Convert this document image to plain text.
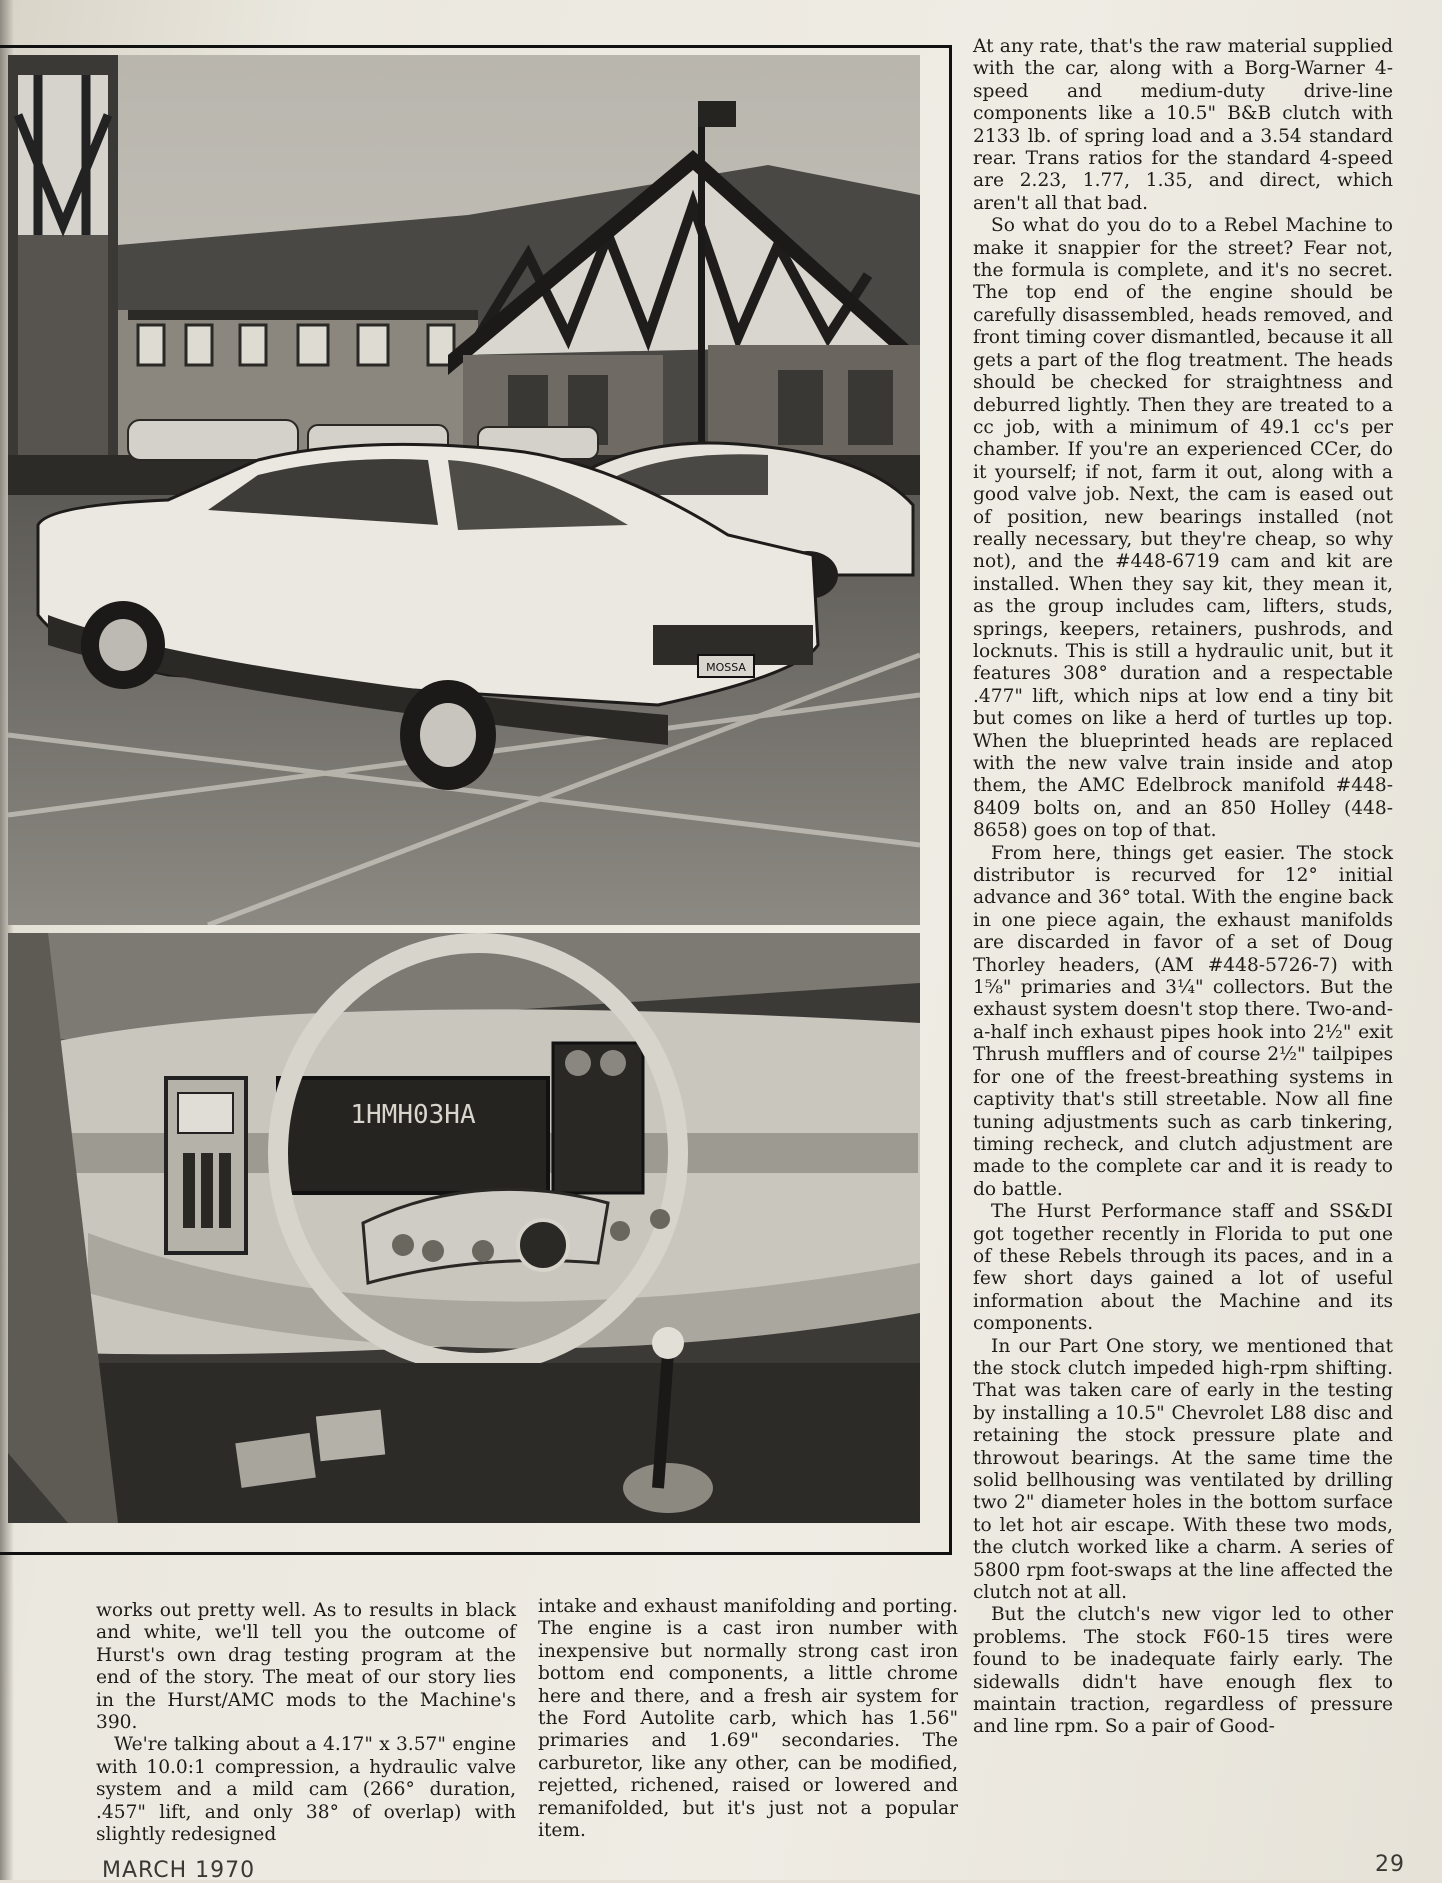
MOSSA
1HMH03HA

At any rate, that's the raw material supplied with the car, along with a Borg-Warner 4-speed and medium-duty drive-line components like a 10.5" B&B clutch with 2133 lb. of spring load and a 3.54 standard rear. Trans ratios for the standard 4-speed are 2.23, 1.77, 1.35, and direct, which aren't all that bad.

So what do you do to a Rebel Machine to make it snappier for the street? Fear not, the formula is complete, and it's no secret. The top end of the engine should be carefully disassembled, heads removed, and front timing cover dismantled, because it all gets a part of the flog treatment. The heads should be checked for straightness and deburred lightly. Then they are treated to a cc job, with a minimum of 49.1 cc's per chamber. If you're an experienced CCer, do it yourself; if not, farm it out, along with a good valve job. Next, the cam is eased out of position, new bearings installed (not really necessary, but they're cheap, so why not), and the #448-6719 cam and kit are installed. When they say kit, they mean it, as the group includes cam, lifters, studs, springs, keepers, retainers, pushrods, and locknuts. This is still a hydraulic unit, but it features 308° duration and a respectable .477" lift, which nips at low end a tiny bit but comes on like a herd of turtles up top. When the blueprinted heads are replaced with the new valve train inside and atop them, the AMC Edelbrock manifold #448-8409 bolts on, and an 850 Holley (448-8658) goes on top of that.

From here, things get easier. The stock distributor is recurved for 12° initial advance and 36° total. With the engine back in one piece again, the exhaust manifolds are discarded in favor of a set of Doug Thorley headers, (AM #448-5726-7) with 1⅝" primaries and 3¼" collectors. But the exhaust system doesn't stop there. Two-and-a-half inch exhaust pipes hook into 2½" exit Thrush mufflers and of course 2½" tailpipes for one of the freest-breathing systems in captivity that's still streetable. Now all fine tuning adjustments such as carb tinkering, timing recheck, and clutch adjustment are made to the complete car and it is ready to do battle.

The Hurst Performance staff and SS&DI got together recently in Florida to put one of these Rebels through its paces, and in a few short days gained a lot of useful information about the Machine and its components.

In our Part One story, we mentioned that the stock clutch impeded high-rpm shifting. That was taken care of early in the testing by installing a 10.5" Chevrolet L88 disc and retaining the stock pressure plate and throwout bearings. At the same time the solid bellhousing was ventilated by drilling two 2" diameter holes in the bottom surface to let hot air escape. With these two mods, the clutch worked like a charm. A series of 5800 rpm foot-swaps at the line affected the clutch not at all.

But the clutch's new vigor led to other problems. The stock F60-15 tires were found to be inadequate fairly early. The sidewalls didn't have enough flex to maintain traction, regardless of pressure and line rpm. So a pair of Good-

works out pretty well. As to results in black and white, we'll tell you the outcome of Hurst's own drag testing program at the end of the story. The meat of our story lies in the Hurst/AMC mods to the Machine's 390.

We're talking about a 4.17" x 3.57" engine with 10.0:1 compression, a hydraulic valve system and a mild cam (266° duration, .457" lift, and only 38° of overlap) with slightly redesigned

intake and exhaust manifolding and porting. The engine is a cast iron number with inexpensive but normally strong cast iron bottom end components, a little chrome here and there, and a fresh air system for the Ford Autolite carb, which has 1.56" primaries and 1.69" secondaries. The carburetor, like any other, can be modified, rejetted, richened, raised or lowered and remanifolded, but it's just not a popular item.

MARCH 1970	29
